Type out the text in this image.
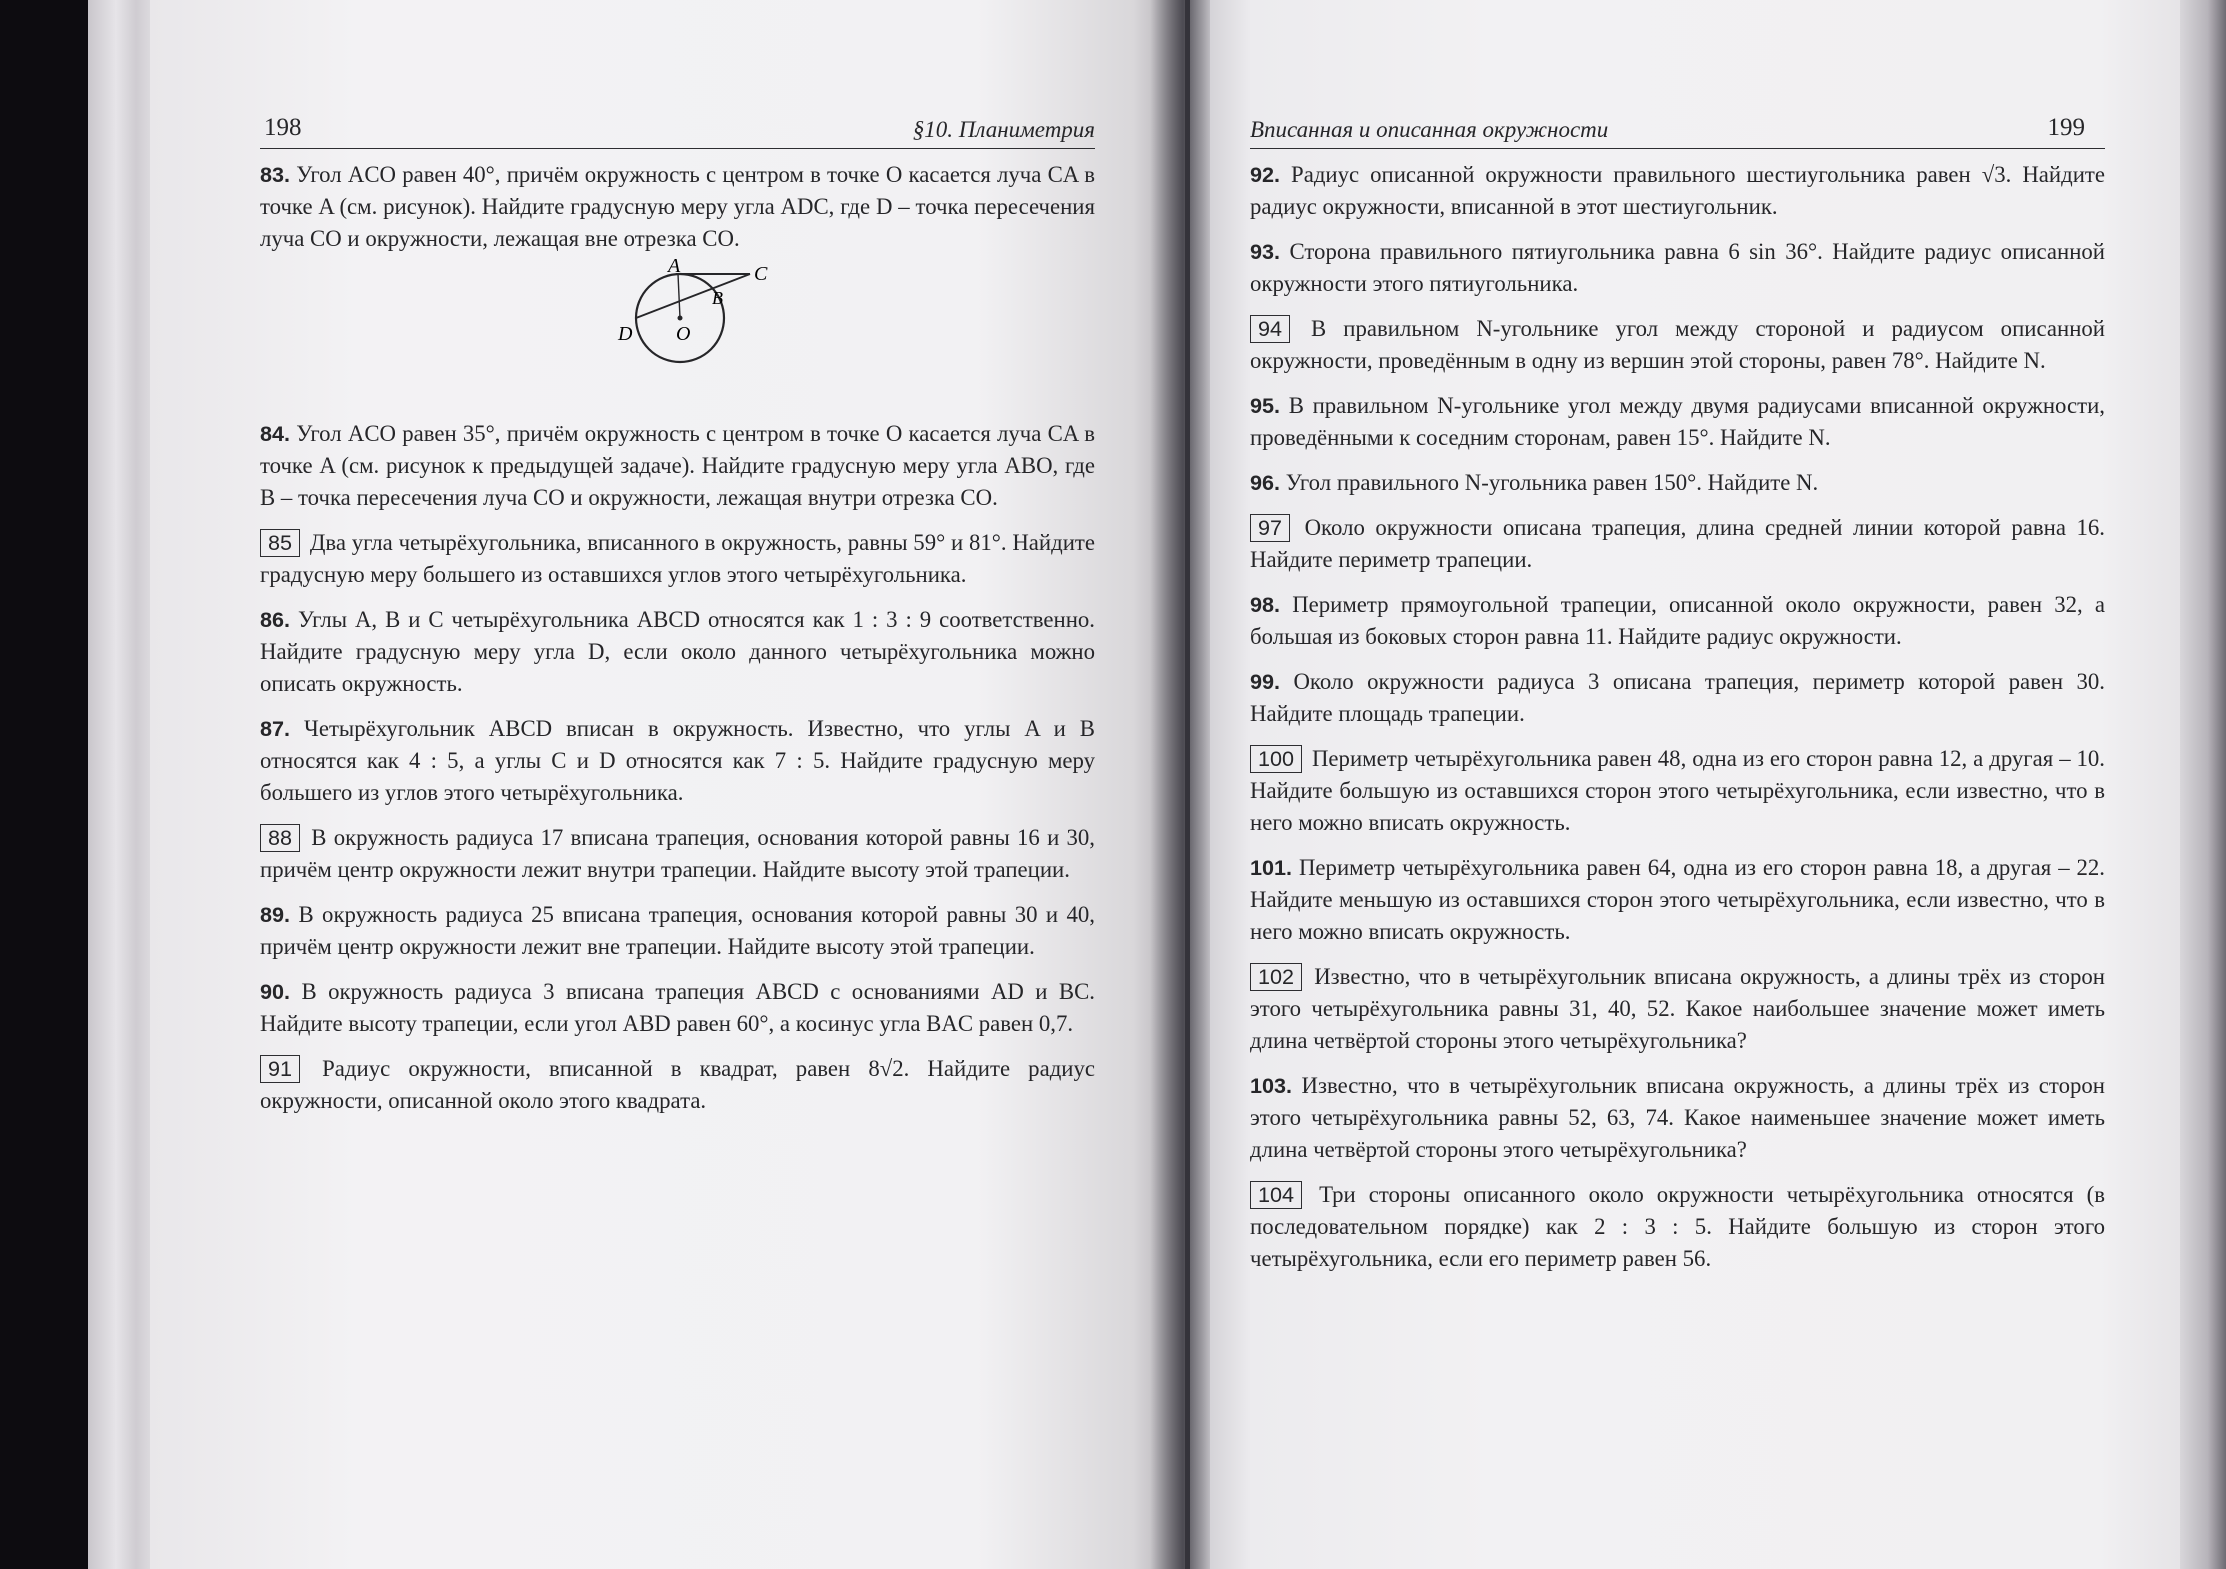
198	§10. Планиметрия
83. Угол ACO равен 40°, причём окружность с центром в точке O касается луча CA в точке A (см. рисунок). Найдите градусную меру угла ADC, где D – точка пересечения луча CO и окружности, лежащая вне отрезка CO.
A	C
B
O
D
84. Угол ACO равен 35°, причём окружность с центром в точке O касается луча CA в точке A (см. рисунок к предыдущей задаче). Найдите градусную меру угла ABO, где B – точка пересечения луча CO и окружности, лежащая внутри отрезка CO.
85 Два угла четырёхугольника, вписанного в окружность, равны 59° и 81°. Найдите градусную меру большего из оставшихся углов этого четырёхугольника.
86. Углы A, B и C четырёхугольника ABCD относятся как 1 : 3 : 9 соответственно. Найдите градусную меру угла D, если около данного четырёхугольника можно описать окружность.
87. Четырёхугольник ABCD вписан в окружность. Известно, что углы A и B относятся как 4 : 5, а углы C и D относятся как 7 : 5. Найдите градусную меру большего из углов этого четырёхугольника.
88 В окружность радиуса 17 вписана трапеция, основания которой равны 16 и 30, причём центр окружности лежит внутри трапеции. Найдите высоту этой трапеции.
89. В окружность радиуса 25 вписана трапеция, основания которой равны 30 и 40, причём центр окружности лежит вне трапеции. Найдите высоту этой трапеции.
90. В окружность радиуса 3 вписана трапеция ABCD с основаниями AD и BC. Найдите высоту трапеции, если угол ABD равен 60°, а косинус угла BAC равен 0,7.
91 Радиус окружности, вписанной в квадрат, равен 8√2. Найдите радиус окружности, описанной около этого квадрата.
Вписанная и описанная окружности	199
92. Радиус описанной окружности правильного шестиугольника равен √3. Найдите радиус окружности, вписанной в этот шестиугольник.
93. Сторона правильного пятиугольника равна 6 sin 36°. Найдите радиус описанной окружности этого пятиугольника.
94 В правильном N-угольнике угол между стороной и радиусом описанной окружности, проведённым в одну из вершин этой стороны, равен 78°. Найдите N.
95. В правильном N-угольнике угол между двумя радиусами вписанной окружности, проведёнными к соседним сторонам, равен 15°. Найдите N.
96. Угол правильного N-угольника равен 150°. Найдите N.
97 Около окружности описана трапеция, длина средней линии которой равна 16. Найдите периметр трапеции.
98. Периметр прямоугольной трапеции, описанной около окружности, равен 32, а большая из боковых сторон равна 11. Найдите радиус окружности.
99. Около окружности радиуса 3 описана трапеция, периметр которой равен 30. Найдите площадь трапеции.
100 Периметр четырёхугольника равен 48, одна из его сторон равна 12, а другая – 10. Найдите большую из оставшихся сторон этого четырёхугольника, если известно, что в него можно вписать окружность.
101. Периметр четырёхугольника равен 64, одна из его сторон равна 18, а другая – 22. Найдите меньшую из оставшихся сторон этого четырёхугольника, если известно, что в него можно вписать окружность.
102 Известно, что в четырёхугольник вписана окружность, а длины трёх из сторон этого четырёхугольника равны 31, 40, 52. Какое наибольшее значение может иметь длина четвёртой стороны этого четырёхугольника?
103. Известно, что в четырёхугольник вписана окружность, а длины трёх из сторон этого четырёхугольника равны 52, 63, 74. Какое наименьшее значение может иметь длина четвёртой стороны этого четырёхугольника?
104 Три стороны описанного около окружности четырёхугольника относятся (в последовательном порядке) как 2 : 3 : 5. Найдите большую из сторон этого четырёхугольника, если его периметр равен 56.
